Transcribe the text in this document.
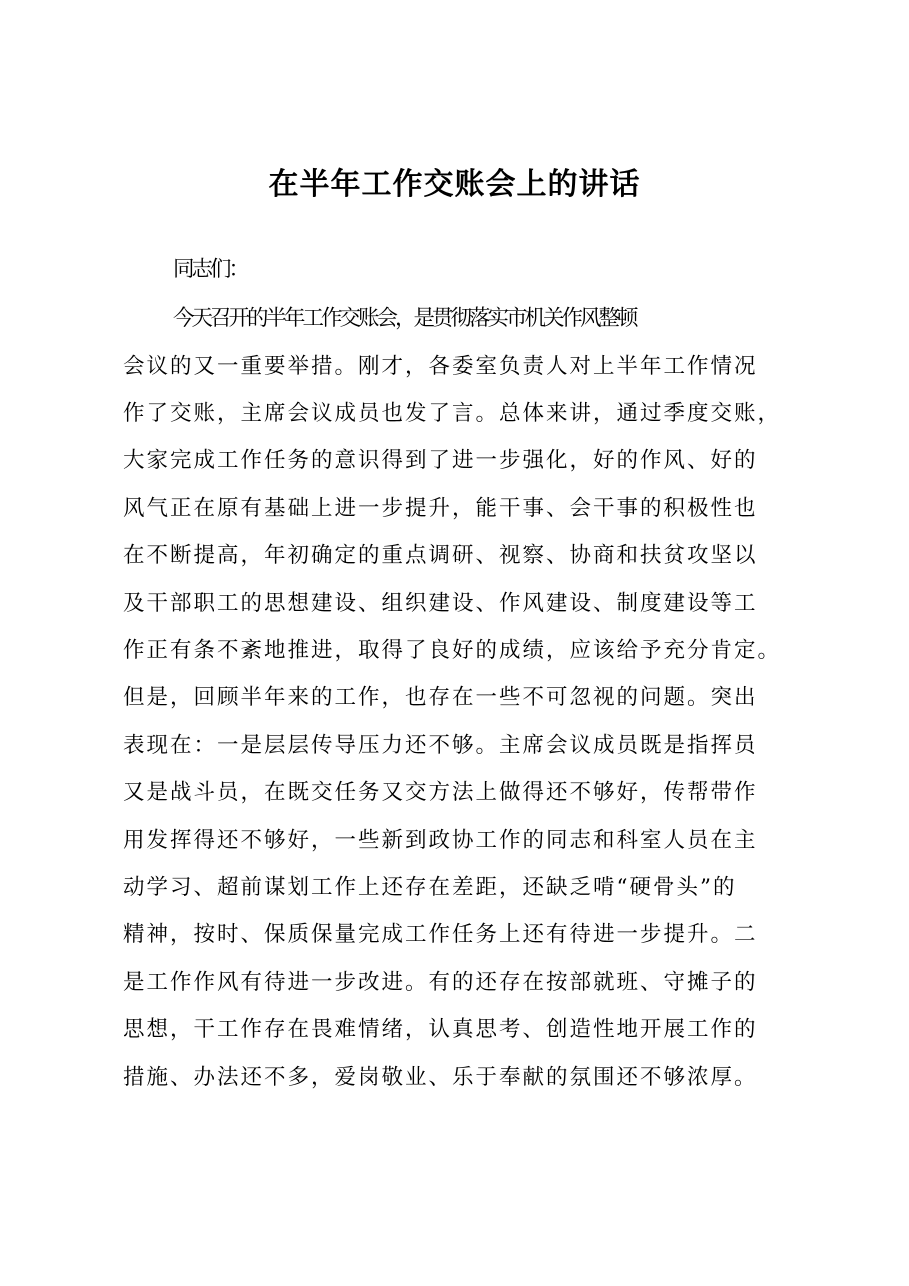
在半年工作交账会上的讲话
同志们：
今天召开的半年工作交账会，是贯彻落实市机关作风整顿
会议的又一重要举措。刚才，各委室负责人对上半年工作情况
作了交账，主席会议成员也发了言。总体来讲，通过季度交账，
大家完成工作任务的意识得到了进一步强化，好的作风、好的
风气正在原有基础上进一步提升，能干事、会干事的积极性也
在不断提高，年初确定的重点调研、视察、协商和扶贫攻坚以
及干部职工的思想建设、组织建设、作风建设、制度建设等工
作正有条不紊地推进，取得了良好的成绩，应该给予充分肯定。
但是，回顾半年来的工作，也存在一些不可忽视的问题。突出
表现在：一是层层传导压力还不够。主席会议成员既是指挥员
又是战斗员，在既交任务又交方法上做得还不够好，传帮带作
用发挥得还不够好，一些新到政协工作的同志和科室人员在主
动学习、超前谋划工作上还存在差距，还缺乏啃“硬骨头”的
精神，按时、保质保量完成工作任务上还有待进一步提升。二
是工作作风有待进一步改进。有的还存在按部就班、守摊子的
思想，干工作存在畏难情绪，认真思考、创造性地开展工作的
措施、办法还不多，爱岗敬业、乐于奉献的氛围还不够浓厚。
